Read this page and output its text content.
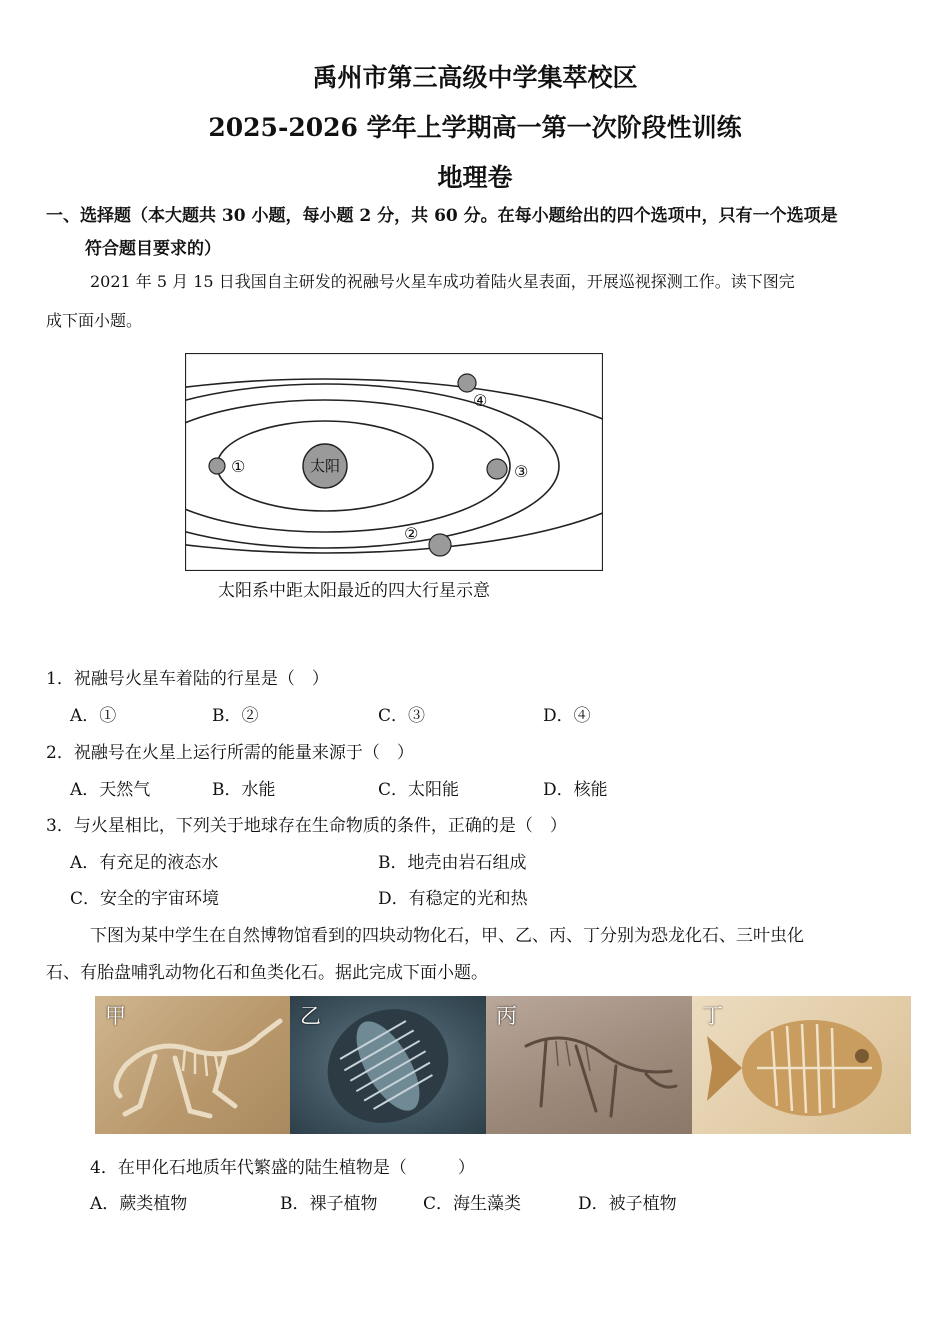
禹州市第三高级中学集萃校区
2025-2026 学年上学期高一第一次阶段性训练
地理卷
一、选择题（本大题共 30 小题，每小题 2 分，共 60 分。在每小题给出的四个选项中，只有一个选项是
符合题目要求的）
2021 年 5 月 15 日我国自主研发的祝融号火星车成功着陆火星表面，开展巡视探测工作。读下图完
成下面小题。
太阳
①
②
③
④
太阳系中距太阳最近的四大行星示意
1．祝融号火星车着陆的行星是（　）
A．①	B．②	C．③	D．④
2．祝融号在火星上运行所需的能量来源于（　）
A．天然气	B．水能	C．太阳能	D．核能
3．与火星相比，下列关于地球存在生命物质的条件，正确的是（　）
A．有充足的液态水	B．地壳由岩石组成
C．安全的宇宙环境	D．有稳定的光和热
下图为某中学生在自然博物馆看到的四块动物化石，甲、乙、丙、丁分别为恐龙化石、三叶虫化
石、有胎盘哺乳动物化石和鱼类化石。据此完成下面小题。
甲	乙	丙	丁
4．在甲化石地质年代繁盛的陆生植物是（　　　）
A．蕨类植物	B．裸子植物	C．海生藻类	D．被子植物
